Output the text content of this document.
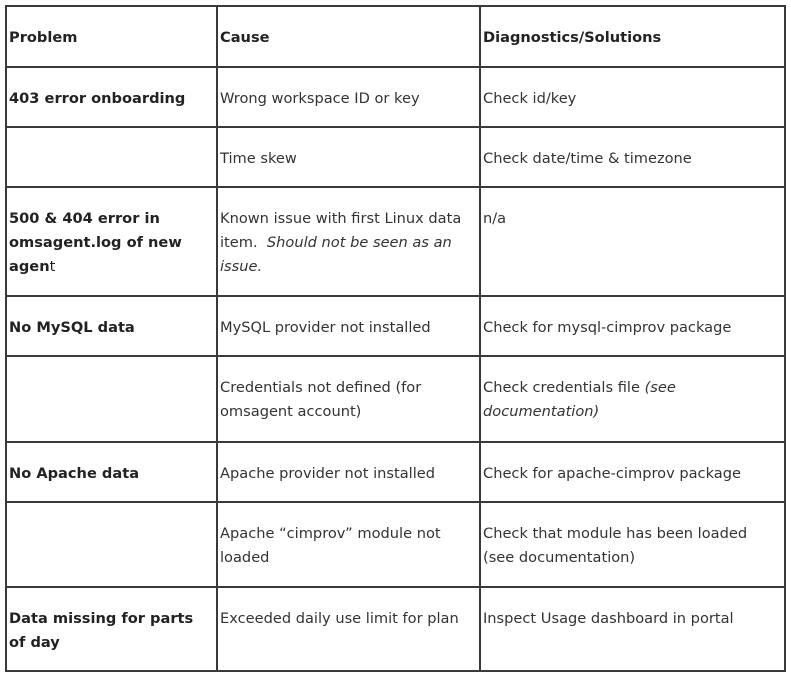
Problem	Cause	Diagnostics/Solutions

403 error onboarding	Wrong workspace ID or key	Check id/key

	Time skew	Check date/time & timezone

500 & 404 error in omsagent.log of new agent	Known issue with first Linux data item. Should not be seen as an issue.	n/a

No MySQL data	MySQL provider not installed	Check for mysql-cimprov package

	Credentials not defined (for omsagent account)	Check credentials file (see documentation)

No Apache data	Apache provider not installed	Check for apache-cimprov package

	Apache “cimprov” module not loaded	Check that module has been loaded (see documentation)

Data missing for parts of day	Exceeded daily use limit for plan	Inspect Usage dashboard in portal
